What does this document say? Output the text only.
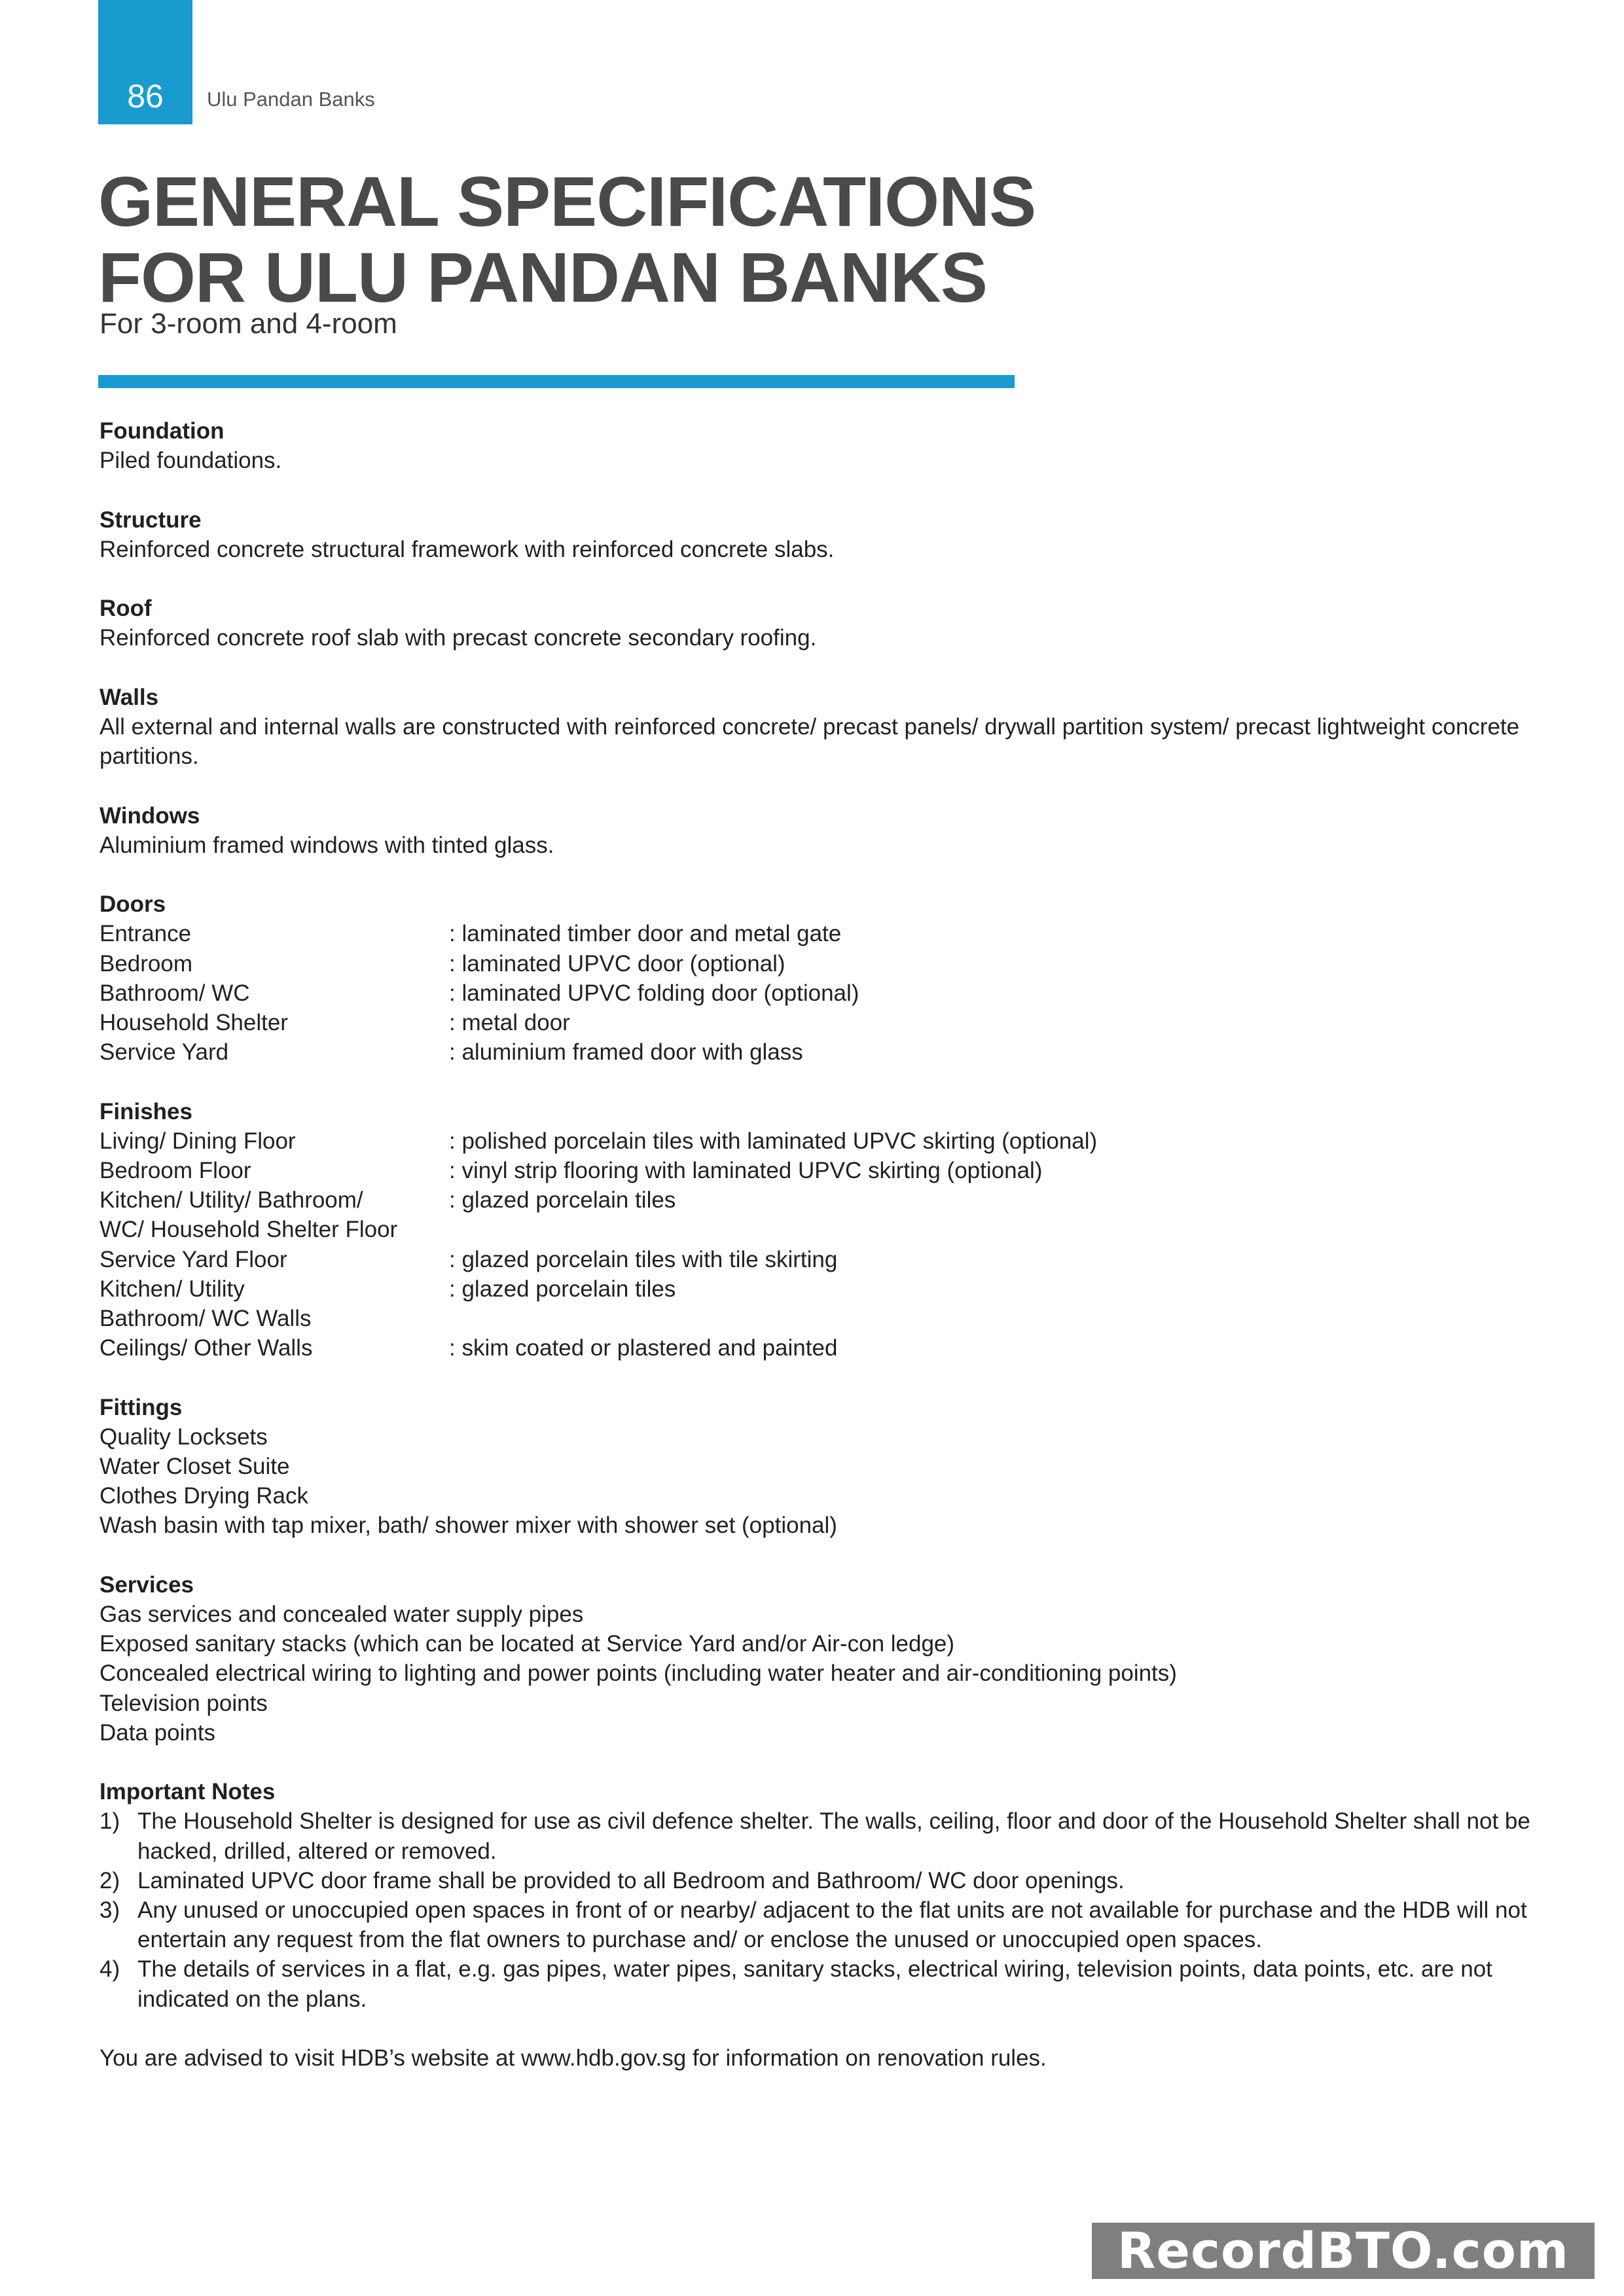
86 Ulu Pandan Banks
GENERAL SPECIFICATIONS
FOR ULU PANDAN BANKS
For 3-room and 4-room
Foundation
Piled foundations.
Structure
Reinforced concrete structural framework with reinforced concrete slabs.
Roof
Reinforced concrete roof slab with precast concrete secondary roofing.
Walls
All external and internal walls are constructed with reinforced concrete/ precast panels/ drywall partition system/ precast lightweight concrete partitions.
Windows
Aluminium framed windows with tinted glass.
Doors
Entrance	: laminated timber door and metal gate
Bedroom	: laminated UPVC door (optional)
Bathroom/ WC	: laminated UPVC folding door (optional)
Household Shelter	: metal door
Service Yard	: aluminium framed door with glass
Finishes
Living/ Dining Floor	: polished porcelain tiles with laminated UPVC skirting (optional)
Bedroom Floor	: vinyl strip flooring with laminated UPVC skirting (optional)
Kitchen/ Utility/ Bathroom/	: glazed porcelain tiles
WC/ Household Shelter Floor
Service Yard Floor	: glazed porcelain tiles with tile skirting
Kitchen/ Utility	: glazed porcelain tiles
Bathroom/ WC Walls
Ceilings/ Other Walls	: skim coated or plastered and painted
Fittings
Quality Locksets
Water Closet Suite
Clothes Drying Rack
Wash basin with tap mixer, bath/ shower mixer with shower set (optional)
Services
Gas services and concealed water supply pipes
Exposed sanitary stacks (which can be located at Service Yard and/or Air-con ledge)
Concealed electrical wiring to lighting and power points (including water heater and air-conditioning points)
Television points
Data points
Important Notes
1) The Household Shelter is designed for use as civil defence shelter. The walls, ceiling, floor and door of the Household Shelter shall not be hacked, drilled, altered or removed.
2) Laminated UPVC door frame shall be provided to all Bedroom and Bathroom/ WC door openings.
3) Any unused or unoccupied open spaces in front of or nearby/ adjacent to the flat units are not available for purchase and the HDB will not entertain any request from the flat owners to purchase and/ or enclose the unused or unoccupied open spaces.
4) The details of services in a flat, e.g. gas pipes, water pipes, sanitary stacks, electrical wiring, television points, data points, etc. are not indicated on the plans.
You are advised to visit HDB’s website at www.hdb.gov.sg for information on renovation rules.
RecordBTO.com
